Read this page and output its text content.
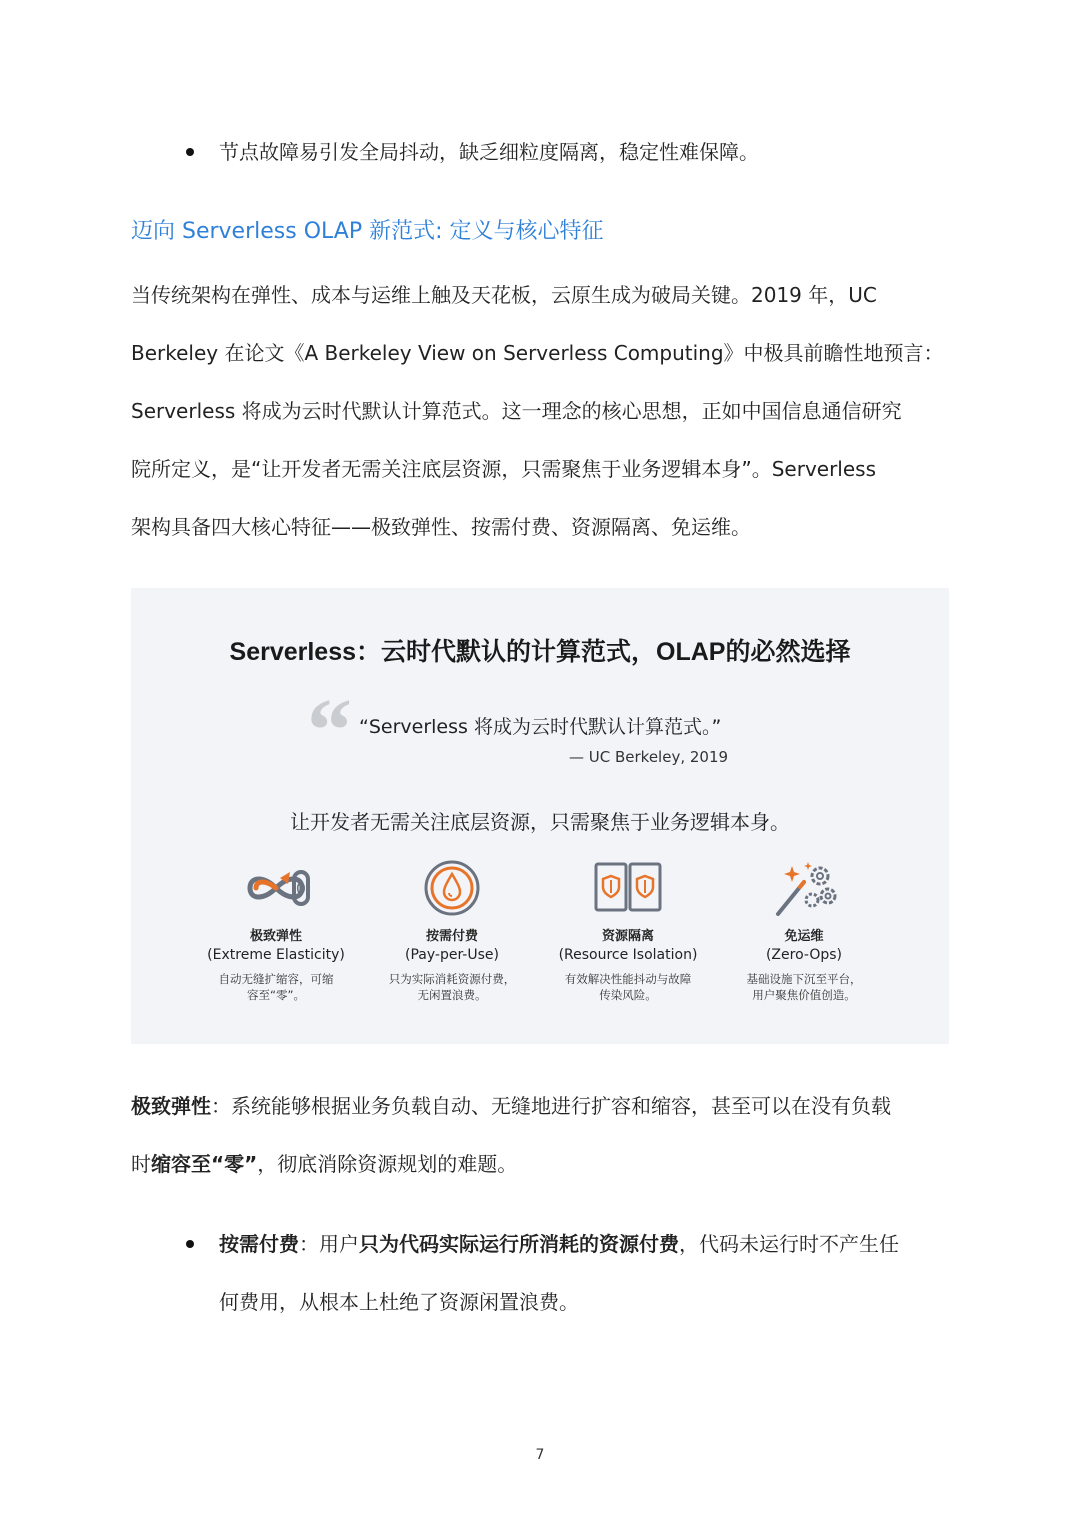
节点故障易引发全局抖动，缺乏细粒度隔离，稳定性难保障。
迈向 Serverless OLAP 新范式: 定义与核心特征
当传统架构在弹性、成本与运维上触及天花板，云原生成为破局关键。2019 年，UC
Berkeley 在论文《A Berkeley View on Serverless Computing》中极具前瞻性地预言：
Serverless 将成为云时代默认计算范式。这一理念的核心思想，正如中国信息通信研究
院所定义，是“让开发者无需关注底层资源，只需聚焦于业务逻辑本身”。Serverless
架构具备四大核心特征——极致弹性、按需付费、资源隔离、免运维。
Serverless：云时代默认的计算范式，OLAP的必然选择
“ “Serverless 将成为云时代默认计算范式。”
— UC Berkeley, 2019
让开发者无需关注底层资源，只需聚焦于业务逻辑本身。
0
极致弹性
(Extreme Elasticity)
自动无缝扩缩容，可缩
容至“零”。
按需付费
(Pay-per-Use)
只为实际消耗资源付费，
无闲置浪费。
资源隔离
(Resource Isolation)
有效解决性能抖动与故障
传染风险。
免运维
(Zero-Ops)
基础设施下沉至平台，
用户聚焦价值创造。
极致弹性：系统能够根据业务负载自动、无缝地进行扩容和缩容，甚至可以在没有负载
时缩容至“零”，彻底消除资源规划的难题。
按需付费：用户只为代码实际运行所消耗的资源付费，代码未运行时不产生任
何费用，从根本上杜绝了资源闲置浪费。
7
